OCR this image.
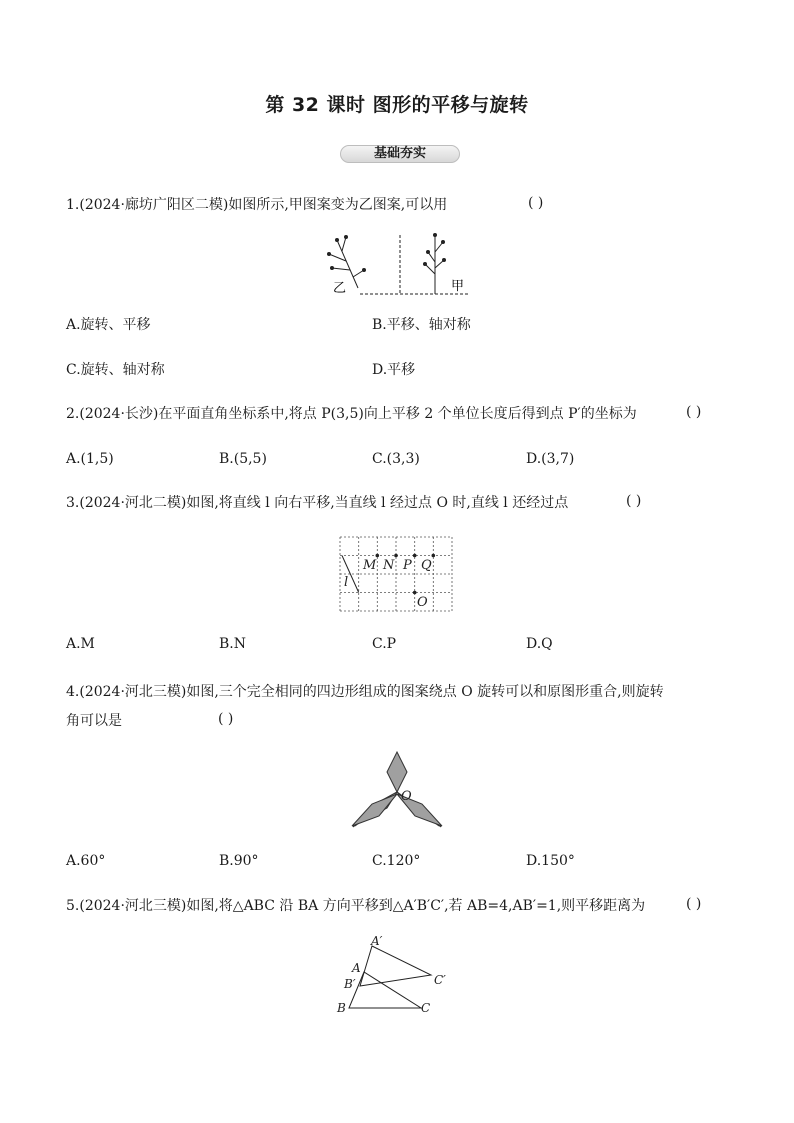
第 32 课时 图形的平移与旋转
基础夯实
1.(2024·廊坊广阳区二模)如图所示,甲图案变为乙图案,可以用	( )
乙	甲
A.旋转、平移	B.平移、轴对称
C.旋转、轴对称	D.平移
2.(2024·长沙)在平面直角坐标系中,将点 P(3,5)向上平移 2 个单位长度后得到点 P′的坐标为	( )
A.(1,5)	B.(5,5)	C.(3,3)	D.(3,7)
3.(2024·河北二模)如图,将直线 l 向右平移,当直线 l 经过点 O 时,直线 l 还经过点	( )
M N P Q
l
O
A.M	B.N	C.P	D.Q
4.(2024·河北三模)如图,三个完全相同的四边形组成的图案绕点 O 旋转可以和原图形重合,则旋转
角可以是	( )
O
A.60°	B.90°	C.120°	D.150°
5.(2024·河北三模)如图,将△ABC 沿 BA 方向平移到△A′B′C′,若 AB=4,AB′=1,则平移距离为	( )
A′
A
B′
B
C′
C
